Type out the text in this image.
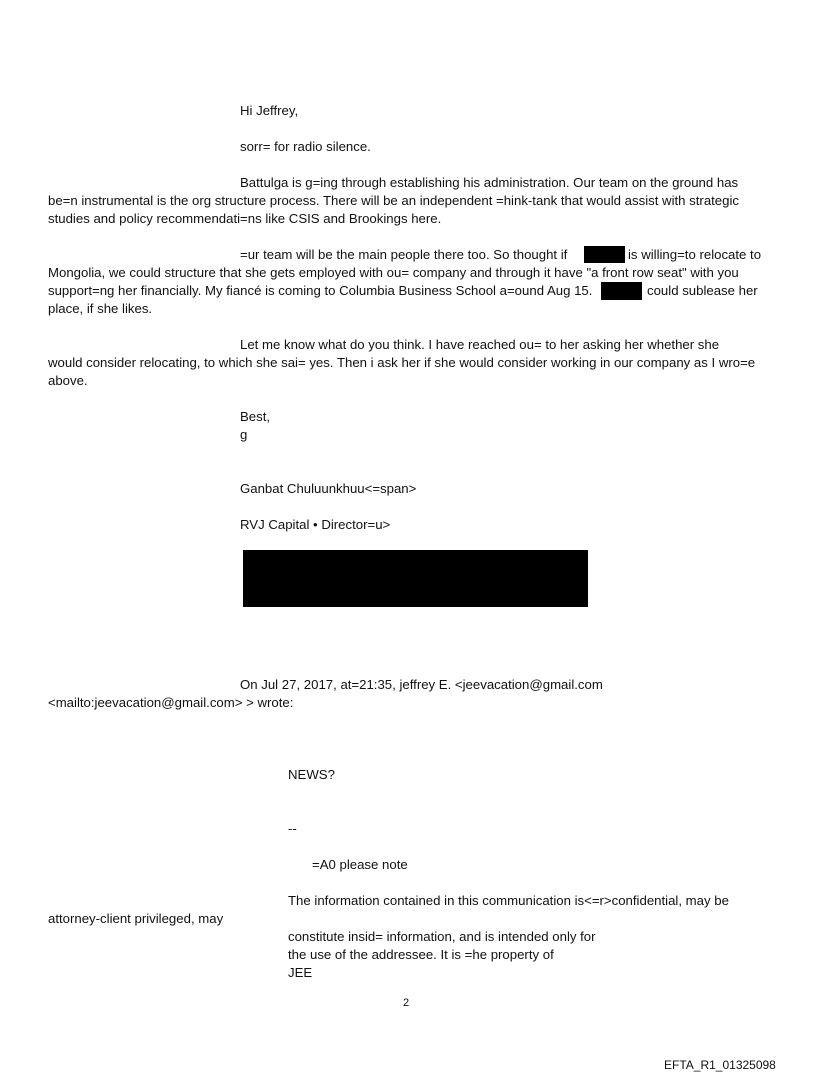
Hi Jeffrey,
sorr= for radio silence.
Battulga is g=ing through establishing his administration. Our team on the ground has
be=n instrumental is the org structure process. There will be an independent =hink-tank that would assist with strategic
studies and policy recommendati=ns like CSIS and Brookings here.
=ur team will be the main people there too. So thought if	is willing=to relocate to
Mongolia, we could structure that she gets employed with ou= company and through it have "a front row seat" with you
support=ng her financially. My fiancé is coming to Columbia Business School a=ound Aug 15.	could sublease her
place, if she likes.
Let me know what do you think. I have reached ou= to her asking her whether she
would consider relocating, to which she sai= yes. Then i ask her if she would consider working in our company as I wro=e
above.
Best,
g
Ganbat Chuluunkhuu<=span>
RVJ Capital • Director=u>
On Jul 27, 2017, at=21:35, jeffrey E. <jeevacation@gmail.com
<mailto:jeevacation@gmail.com> > wrote:
NEWS?
--
=A0 please note
The information contained in this communication is<=r>confidential, may be
attorney-client privileged, may
constitute insid= information, and is intended only for
the use of the addressee. It is =he property of
JEE
2
EFTA_R1_01325098
